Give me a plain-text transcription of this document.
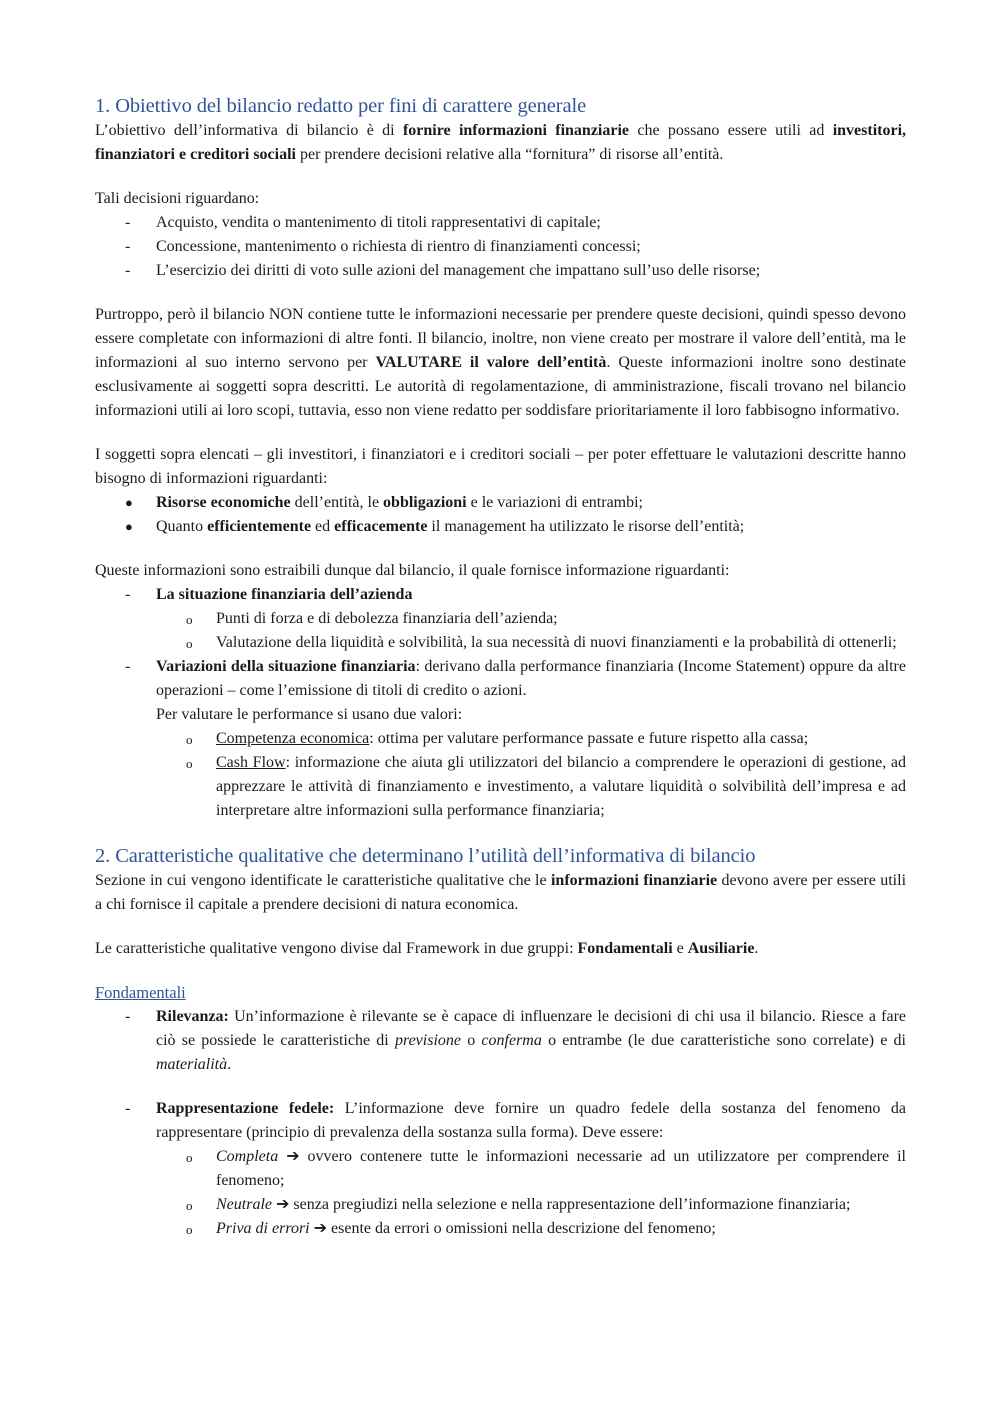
1. Obiettivo del bilancio redatto per fini di carattere generale

L’obiettivo dell’informativa di bilancio è di fornire informazioni finanziarie che possano essere utili ad investitori, finanziatori e creditori sociali per prendere decisioni relative alla “fornitura” di risorse all’entità.

Tali decisioni riguardano:

- Acquisto, vendita o mantenimento di titoli rappresentativi di capitale;
- Concessione, mantenimento o richiesta di rientro di finanziamenti concessi;
- L’esercizio dei diritti di voto sulle azioni del management che impattano sull’uso delle risorse;

Purtroppo, però il bilancio NON contiene tutte le informazioni necessarie per prendere queste decisioni, quindi spesso devono essere completate con informazioni di altre fonti. Il bilancio, inoltre, non viene creato per mostrare il valore dell’entità, ma le informazioni al suo interno servono per VALUTARE il valore dell’entità. Queste informazioni inoltre sono destinate esclusivamente ai soggetti sopra descritti. Le autorità di regolamentazione, di amministrazione, fiscali trovano nel bilancio informazioni utili ai loro scopi, tuttavia, esso non viene redatto per soddisfare prioritariamente il loro fabbisogno informativo.

I soggetti sopra elencati – gli investitori, i finanziatori e i creditori sociali – per poter effettuare le valutazioni descritte hanno bisogno di informazioni riguardanti:

● Risorse economiche dell’entità, le obbligazioni e le variazioni di entrambi;
● Quanto efficientemente ed efficacemente il management ha utilizzato le risorse dell’entità;

Queste informazioni sono estraibili dunque dal bilancio, il quale fornisce informazione riguardanti:

- La situazione finanziaria dell’azienda
o Punti di forza e di debolezza finanziaria dell’azienda;
o Valutazione della liquidità e solvibilità, la sua necessità di nuovi finanziamenti e la probabilità di ottenerli;
- Variazioni della situazione finanziaria: derivano dalla performance finanziaria (Income Statement) oppure da altre operazioni – come l’emissione di titoli di credito o azioni.
Per valutare le performance si usano due valori:
o Competenza economica: ottima per valutare performance passate e future rispetto alla cassa;
o Cash Flow: informazione che aiuta gli utilizzatori del bilancio a comprendere le operazioni di gestione, ad apprezzare le attività di finanziamento e investimento, a valutare liquidità o solvibilità dell’impresa e ad interpretare altre informazioni sulla performance finanziaria;
2. Caratteristiche qualitative che determinano l’utilità dell’informativa di bilancio

Sezione in cui vengono identificate le caratteristiche qualitative che le informazioni finanziarie devono avere per essere utili a chi fornisce il capitale a prendere decisioni di natura economica.

Le caratteristiche qualitative vengono divise dal Framework in due gruppi: Fondamentali e Ausiliarie.

Fondamentali
- Rilevanza: Un’informazione è rilevante se è capace di influenzare le decisioni di chi usa il bilancio. Riesce a fare ciò se possiede le caratteristiche di previsione o conferma o entrambe (le due caratteristiche sono correlate) e di materialità.
- Rappresentazione fedele: L’informazione deve fornire un quadro fedele della sostanza del fenomeno da rappresentare (principio di prevalenza della sostanza sulla forma). Deve essere:
o Completa ➔ ovvero contenere tutte le informazioni necessarie ad un utilizzatore per comprendere il fenomeno;
o Neutrale ➔ senza pregiudizi nella selezione e nella rappresentazione dell’informazione finanziaria;
o Priva di errori ➔ esente da errori o omissioni nella descrizione del fenomeno;
